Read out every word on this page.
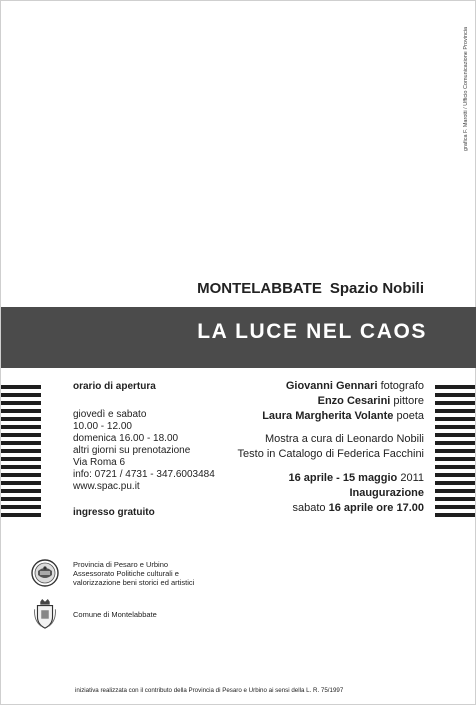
grafica F. Marotti / Ufficio Comunicazione Provincia
MONTELABBATE Spazio Nobili
LA LUCE NEL CAOS
orario di apertura
giovedì e sabato
10.00 - 12.00
domenica 16.00 - 18.00
altri giorni su prenotazione
Via Roma 6
info: 0721 / 4731 - 347.6003484
www.spac.pu.it
ingresso gratuito
Giovanni Gennari fotografo
Enzo Cesarini pittore
Laura Margherita Volante poeta
Mostra a cura di Leonardo Nobili
Testo in Catalogo di Federica Facchini
16 aprile - 15 maggio 2011
Inaugurazione
sabato 16 aprile ore 17.00
Provincia di Pesaro e Urbino
Assessorato Politiche culturali e
valorizzazione beni storici ed artistici
Comune di Montelabbate
iniziativa realizzata con il contributo della Provincia di Pesaro e Urbino ai sensi della L. R. 75/1997
